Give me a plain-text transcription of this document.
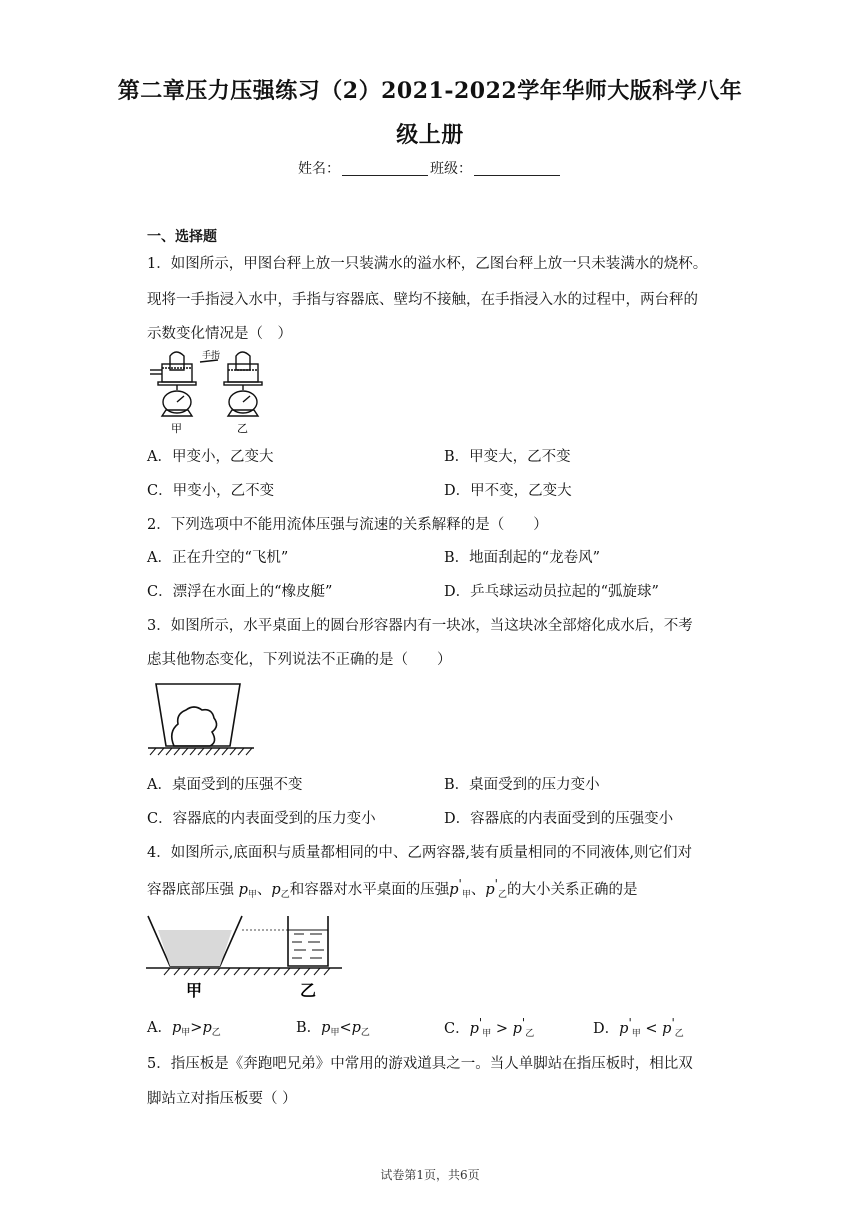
第二章压力压强练习（2）2021-2022学年华师大版科学八年
级上册
姓名：	班级：
一、选择题
1．如图所示，甲图台秤上放一只装满水的溢水杯，乙图台秤上放一只未装满水的烧杯。
现将一手指浸入水中，手指与容器底、壁均不接触，在手指浸入水的过程中，两台秤的
示数变化情况是（　）
手指
甲	乙
A．甲变小，乙变大	B．甲变大，乙不变
C．甲变小，乙不变	D．甲不变，乙变大
2．下列选项中不能用流体压强与流速的关系解释的是（　　）
A．正在升空的“飞机”	B．地面刮起的“龙卷风”
C．漂浮在水面上的“橡皮艇”	D．乒乓球运动员拉起的“弧旋球”
3．如图所示，水平桌面上的圆台形容器内有一块冰，当这块冰全部熔化成水后，不考
虑其他物态变化，下列说法不正确的是（　　）
A．桌面受到的压强不变	B．桌面受到的压力变小
C．容器底的内表面受到的压力变小	D．容器底的内表面受到的压强变小
4．如图所示,底面积与质量都相同的中、乙两容器,装有质量相同的不同液体,则它们对
容器底部压强 $p_甲$、$p_乙$和容器对水平桌面的压强$p'_甲$、$p'_乙$的大小关系正确的是
甲	乙
A．$p_甲>p_乙$	B．$p_甲<p_乙$	C．$p'_甲 > p'_乙$	D．$p'_甲 < p'_乙$
5．指压板是《奔跑吧兄弟》中常用的游戏道具之一。当人单脚站在指压板时，相比双
脚站立对指压板要（ ）
试卷第1页，共6页
